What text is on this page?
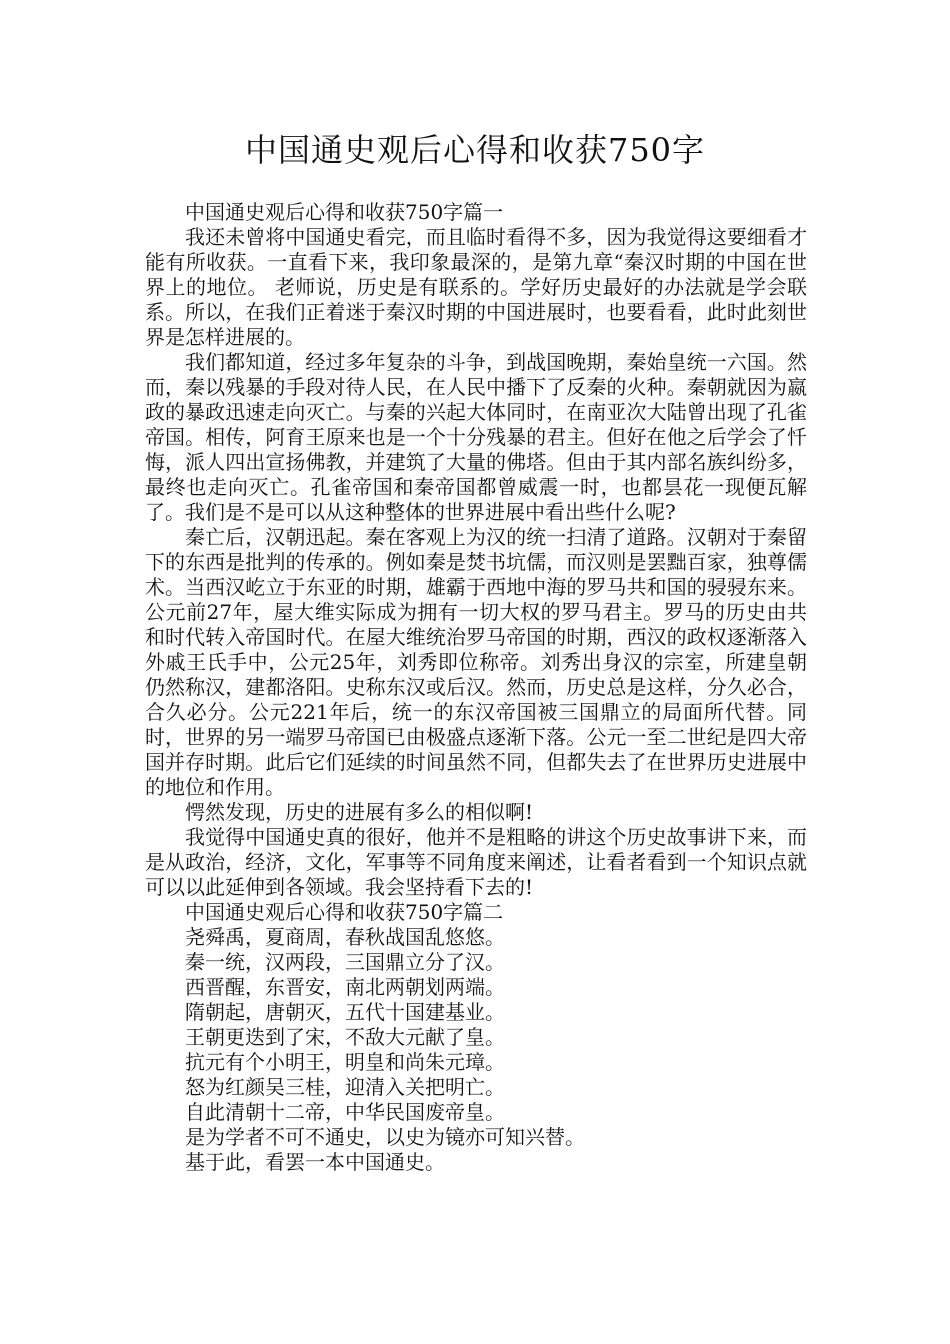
中国通史观后心得和收获750字

中国通史观后心得和收获750字篇一

我还未曾将中国通史看完，而且临时看得不多，因为我觉得这要细看才能有所收获。一直看下来，我印象最深的，是第九章“秦汉时期的中国在世界上的地位。 老师说，历史是有联系的。学好历史最好的办法就是学会联系。所以，在我们正着迷于秦汉时期的中国进展时，也要看看，此时此刻世界是怎样进展的。

我们都知道，经过多年复杂的斗争，到战国晚期，秦始皇统一六国。然而，秦以残暴的手段对待人民，在人民中播下了反秦的火种。秦朝就因为嬴政的暴政迅速走向灭亡。与秦的兴起大体同时，在南亚次大陆曾出现了孔雀帝国。相传，阿育王原来也是一个十分残暴的君主。但好在他之后学会了忏悔，派人四出宣扬佛教，并建筑了大量的佛塔。但由于其内部名族纠纷多，最终也走向灭亡。孔雀帝国和秦帝国都曾威震一时，也都昙花一现便瓦解了。我们是不是可以从这种整体的世界进展中看出些什么呢?

秦亡后，汉朝迅起。秦在客观上为汉的统一扫清了道路。汉朝对于秦留下的东西是批判的传承的。例如秦是焚书坑儒，而汉则是罢黜百家，独尊儒术。当西汉屹立于东亚的时期，雄霸于西地中海的罗马共和国的骎骎东来。公元前27年，屋大维实际成为拥有一切大权的罗马君主。罗马的历史由共和时代转入帝国时代。在屋大维统治罗马帝国的时期，西汉的政权逐渐落入外戚王氏手中，公元25年，刘秀即位称帝。刘秀出身汉的宗室，所建皇朝仍然称汉，建都洛阳。史称东汉或后汉。然而，历史总是这样，分久必合，合久必分。公元221年后，统一的东汉帝国被三国鼎立的局面所代替。同时，世界的另一端罗马帝国已由极盛点逐渐下落。公元一至二世纪是四大帝国并存时期。此后它们延续的时间虽然不同，但都失去了在世界历史进展中的地位和作用。

愕然发现，历史的进展有多么的相似啊!

我觉得中国通史真的很好，他并不是粗略的讲这个历史故事讲下来，而是从政治，经济，文化，军事等不同角度来阐述，让看者看到一个知识点就可以以此延伸到各领域。我会坚持看下去的!

中国通史观后心得和收获750字篇二

尧舜禹，夏商周，春秋战国乱悠悠。

秦一统，汉两段，三国鼎立分了汉。

西晋醒，东晋安，南北两朝划两端。

隋朝起，唐朝灭，五代十国建基业。

王朝更迭到了宋，不敌大元献了皇。

抗元有个小明王，明皇和尚朱元璋。

怒为红颜吴三桂，迎清入关把明亡。

自此清朝十二帝，中华民国废帝皇。

是为学者不可不通史，以史为镜亦可知兴替。

基于此，看罢一本中国通史。
